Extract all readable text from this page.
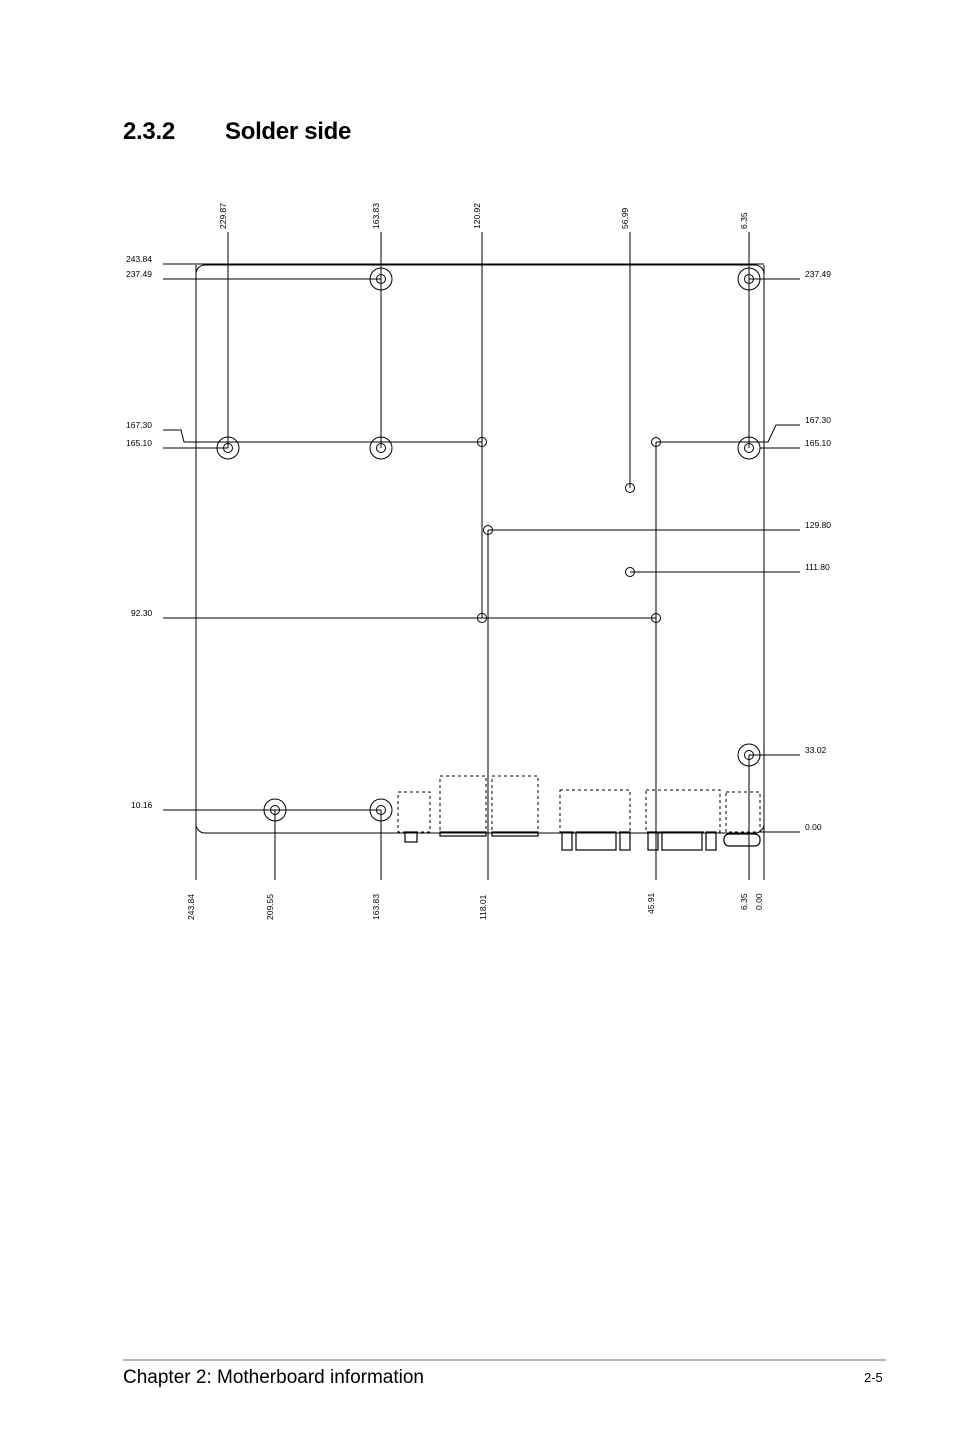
2.3.2 Solder side
229.87	163.83	120.92	56.99	6.35
243.84	209.55	163.83	118.01	45.91	6.35 0.00
243.84
237.49
167.30
165.10
92.30
10.16
237.49
167.30
165.10
129.80
111.80
33.02
0.00
Chapter 2: Motherboard information	2-5
